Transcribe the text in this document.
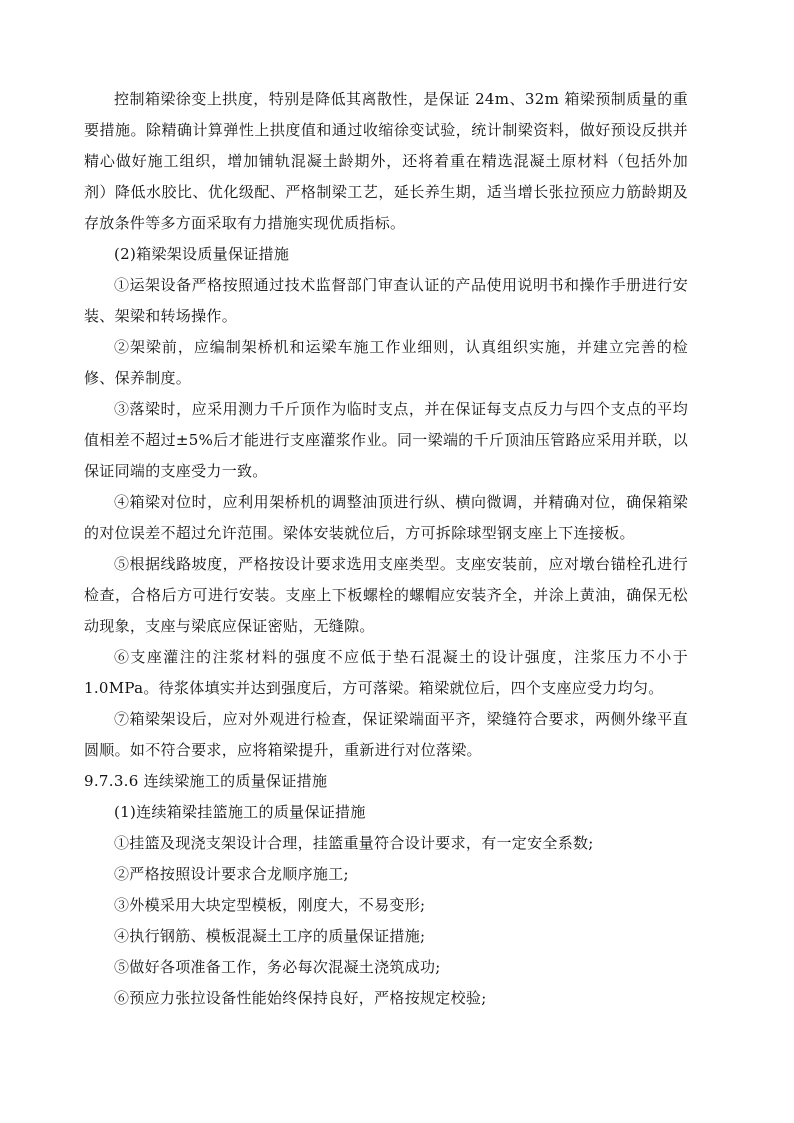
控制箱梁徐变上拱度，特别是降低其离散性，是保证 24m、32m 箱梁预制质量的重要措施。除精确计算弹性上拱度值和通过收缩徐变试验，统计制梁资料，做好预设反拱并精心做好施工组织，增加铺轨混凝土龄期外，还将着重在精选混凝土原材料（包括外加剂）降低水胶比、优化级配、严格制梁工艺，延长养生期，适当增长张拉预应力筋龄期及存放条件等多方面采取有力措施实现优质指标。

(2)箱梁架设质量保证措施

①运架设备严格按照通过技术监督部门审查认证的产品使用说明书和操作手册进行安装、架梁和转场操作。

②架梁前，应编制架桥机和运梁车施工作业细则，认真组织实施，并建立完善的检修、保养制度。

③落梁时，应采用测力千斤顶作为临时支点，并在保证每支点反力与四个支点的平均值相差不超过±5%后才能进行支座灌浆作业。同一梁端的千斤顶油压管路应采用并联，以保证同端的支座受力一致。

④箱梁对位时，应利用架桥机的调整油顶进行纵、横向微调，并精确对位，确保箱梁的对位误差不超过允许范围。梁体安装就位后，方可拆除球型钢支座上下连接板。

⑤根据线路坡度，严格按设计要求选用支座类型。支座安装前，应对墩台锚栓孔进行检查，合格后方可进行安装。支座上下板螺栓的螺帽应安装齐全，并涂上黄油，确保无松动现象，支座与梁底应保证密贴，无缝隙。

⑥支座灌注的注浆材料的强度不应低于垫石混凝土的设计强度，注浆压力不小于 1.0MPa。待浆体填实并达到强度后，方可落梁。箱梁就位后，四个支座应受力均匀。

⑦箱梁架设后，应对外观进行检查，保证梁端面平齐，梁缝符合要求，两侧外缘平直圆顺。如不符合要求，应将箱梁提升，重新进行对位落梁。

9.7.3.6 连续梁施工的质量保证措施

(1)连续箱梁挂篮施工的质量保证措施

①挂篮及现浇支架设计合理，挂篮重量符合设计要求，有一定安全系数;

②严格按照设计要求合龙顺序施工;

③外模采用大块定型模板，刚度大，不易变形;

④执行钢筋、模板混凝土工序的质量保证措施;

⑤做好各项准备工作，务必每次混凝土浇筑成功;

⑥预应力张拉设备性能始终保持良好，严格按规定校验;
